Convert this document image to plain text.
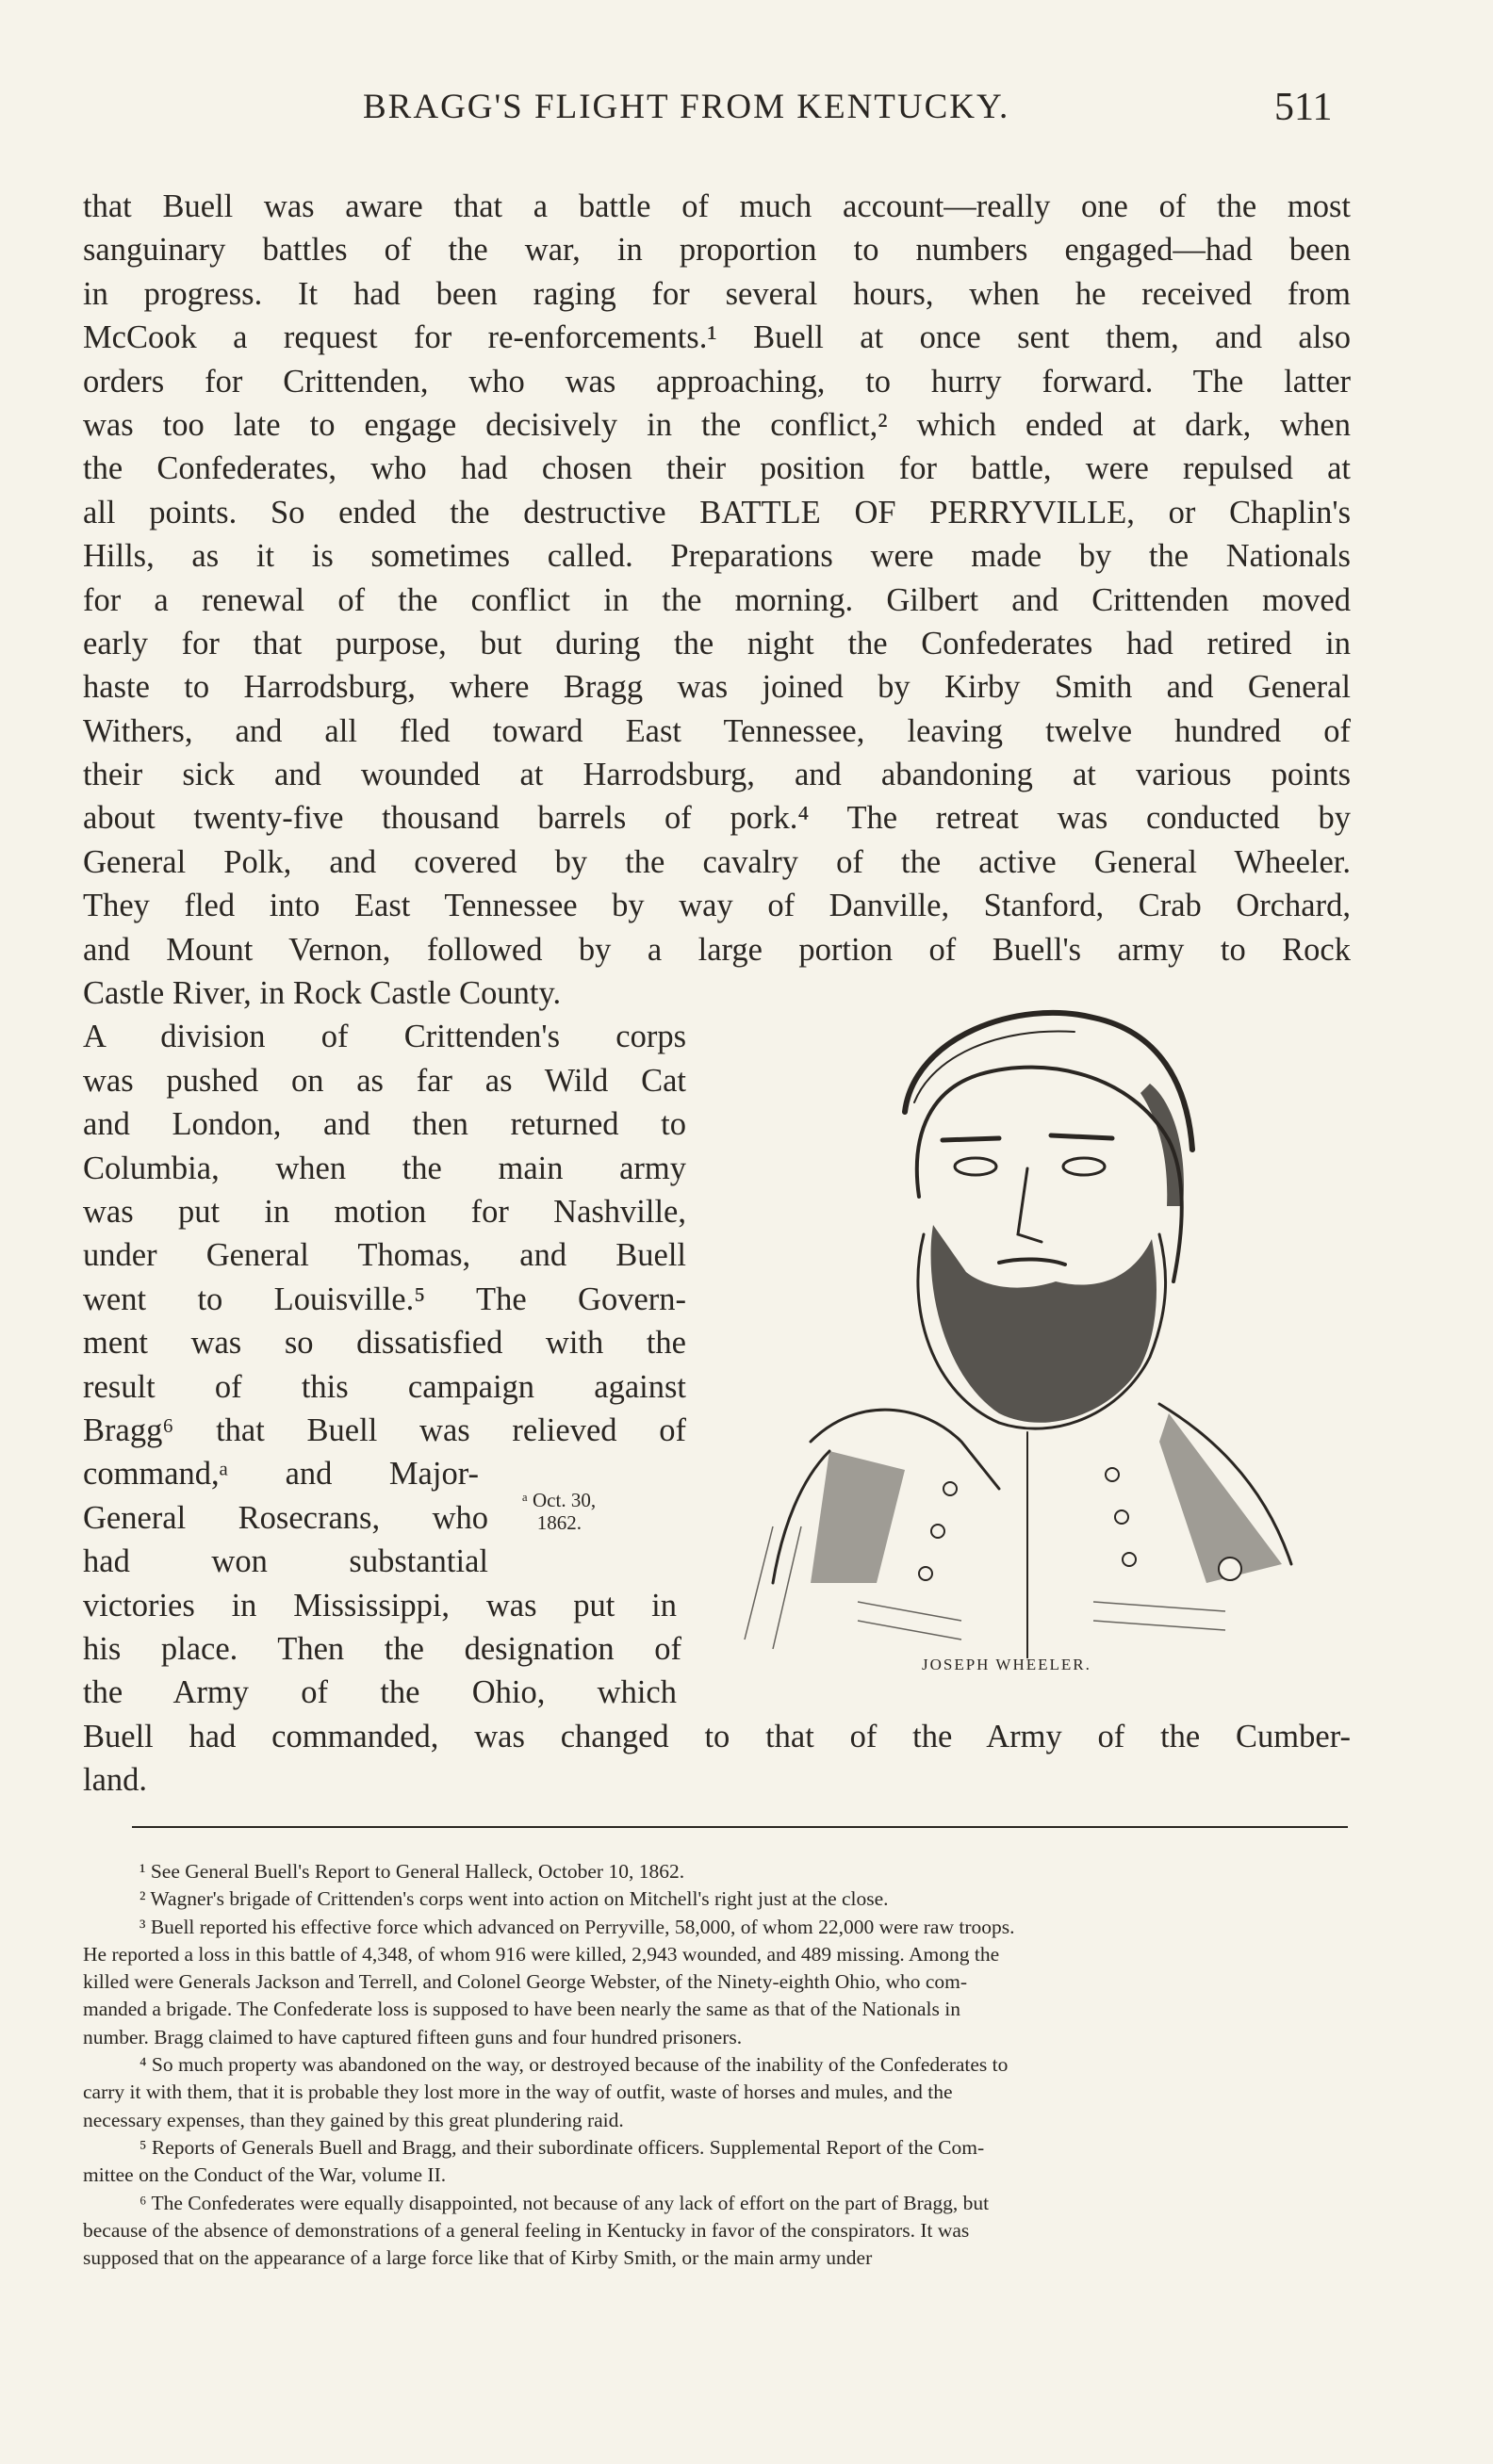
BRAGG'S FLIGHT FROM KENTUCKY.	511
that Buell was aware that a battle of much account—really one of the most
sanguinary battles of the war, in proportion to numbers engaged—had been
in progress. It had been raging for several hours, when he received from
McCook a request for re-enforcements.¹ Buell at once sent them, and also
orders for Crittenden, who was approaching, to hurry forward. The latter
was too late to engage decisively in the conflict,² which ended at dark, when
the Confederates, who had chosen their position for battle, were repulsed at
all points. So ended the destructive BATTLE OF PERRYVILLE, or Chaplin's
Hills, as it is sometimes called. Preparations were made by the Nationals
for a renewal of the conflict in the morning. Gilbert and Crittenden moved
early for that purpose, but during the night the Confederates had retired in
haste to Harrodsburg, where Bragg was joined by Kirby Smith and General
Withers, and all fled toward East Tennessee, leaving twelve hundred of
their sick and wounded at Harrodsburg, and abandoning at various points
about twenty-five thousand barrels of pork.⁴ The retreat was conducted by
General Polk, and covered by the cavalry of the active General Wheeler.
They fled into East Tennessee by way of Danville, Stanford, Crab Orchard,
and Mount Vernon, followed by a large portion of Buell's army to Rock
Castle River, in Rock Castle County.
A division of Crittenden's corps
was pushed on as far as Wild Cat
and London, and then returned to
Columbia, when the main army
was put in motion for Nashville,
under General Thomas, and Buell
went to Louisville.⁵ The Govern-
ment was so dissatisfied with the
result of this campaign against
Bragg⁶ that Buell was relieved of
command,ᵃ and Major-
General Rosecrans, who
had won substantial
victories in Mississippi, was put in
his place. Then the designation of
the Army of the Ohio, which
Buell had commanded, was changed to that of the Army of the Cumber-
land.
ᵃ Oct. 30,
1862.
JOSEPH WHEELER.
¹ See General Buell's Report to General Halleck, October 10, 1862.
² Wagner's brigade of Crittenden's corps went into action on Mitchell's right just at the close.
³ Buell reported his effective force which advanced on Perryville, 58,000, of whom 22,000 were raw troops.
He reported a loss in this battle of 4,348, of whom 916 were killed, 2,943 wounded, and 489 missing. Among the
killed were Generals Jackson and Terrell, and Colonel George Webster, of the Ninety-eighth Ohio, who com-
manded a brigade. The Confederate loss is supposed to have been nearly the same as that of the Nationals in
number. Bragg claimed to have captured fifteen guns and four hundred prisoners.
⁴ So much property was abandoned on the way, or destroyed because of the inability of the Confederates to
carry it with them, that it is probable they lost more in the way of outfit, waste of horses and mules, and the
necessary expenses, than they gained by this great plundering raid.
⁵ Reports of Generals Buell and Bragg, and their subordinate officers. Supplemental Report of the Com-
mittee on the Conduct of the War, volume II.
⁶ The Confederates were equally disappointed, not because of any lack of effort on the part of Bragg, but
because of the absence of demonstrations of a general feeling in Kentucky in favor of the conspirators. It was
supposed that on the appearance of a large force like that of Kirby Smith, or the main army under
